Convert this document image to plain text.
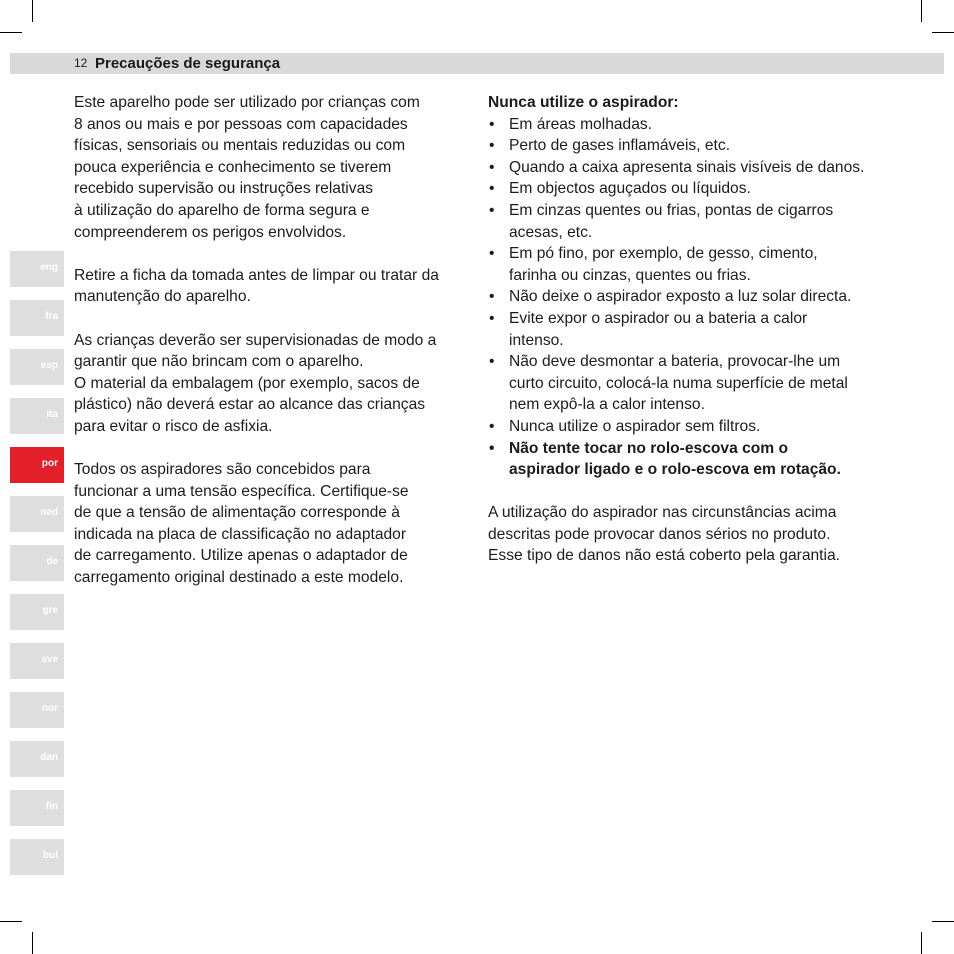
12 Precauções de segurança
eng
fra
esp
ita
por
ned
de
gre
sve
nor
dan
fin
bul

Este aparelho pode ser utilizado por crianças com
8 anos ou mais e por pessoas com capacidades
físicas, sensoriais ou mentais reduzidas ou com
pouca experiência e conhecimento se tiverem
recebido supervisão ou instruções relativas
à utilização do aparelho de forma segura e
compreenderem os perigos envolvidos.

Retire a ficha da tomada antes de limpar ou tratar da
manutenção do aparelho.

As crianças deverão ser supervisionadas de modo a
garantir que não brincam com o aparelho.
O material da embalagem (por exemplo, sacos de
plástico) não deverá estar ao alcance das crianças
para evitar o risco de asfixia.

Todos os aspiradores são concebidos para
funcionar a uma tensão específica. Certifique-se
de que a tensão de alimentação corresponde à
indicada na placa de classificação no adaptador
de carregamento. Utilize apenas o adaptador de
carregamento original destinado a este modelo.

Nunca utilize o aspirador:

• Em áreas molhadas.
• Perto de gases inflamáveis, etc.
• Quando a caixa apresenta sinais visíveis de danos.
• Em objectos aguçados ou líquidos.
• Em cinzas quentes ou frias, pontas de cigarros
acesas, etc.
• Em pó fino, por exemplo, de gesso, cimento,
farinha ou cinzas, quentes ou frias.
• Não deixe o aspirador exposto a luz solar directa.
• Evite expor o aspirador ou a bateria a calor
intenso.
• Não deve desmontar a bateria, provocar-lhe um
curto circuito, colocá-la numa superfície de metal
nem expô-la a calor intenso.
• Nunca utilize o aspirador sem filtros.
• Não tente tocar no rolo-escova com o
aspirador ligado e o rolo-escova em rotação.

A utilização do aspirador nas circunstâncias acima
descritas pode provocar danos sérios no produto.
Esse tipo de danos não está coberto pela garantia.
